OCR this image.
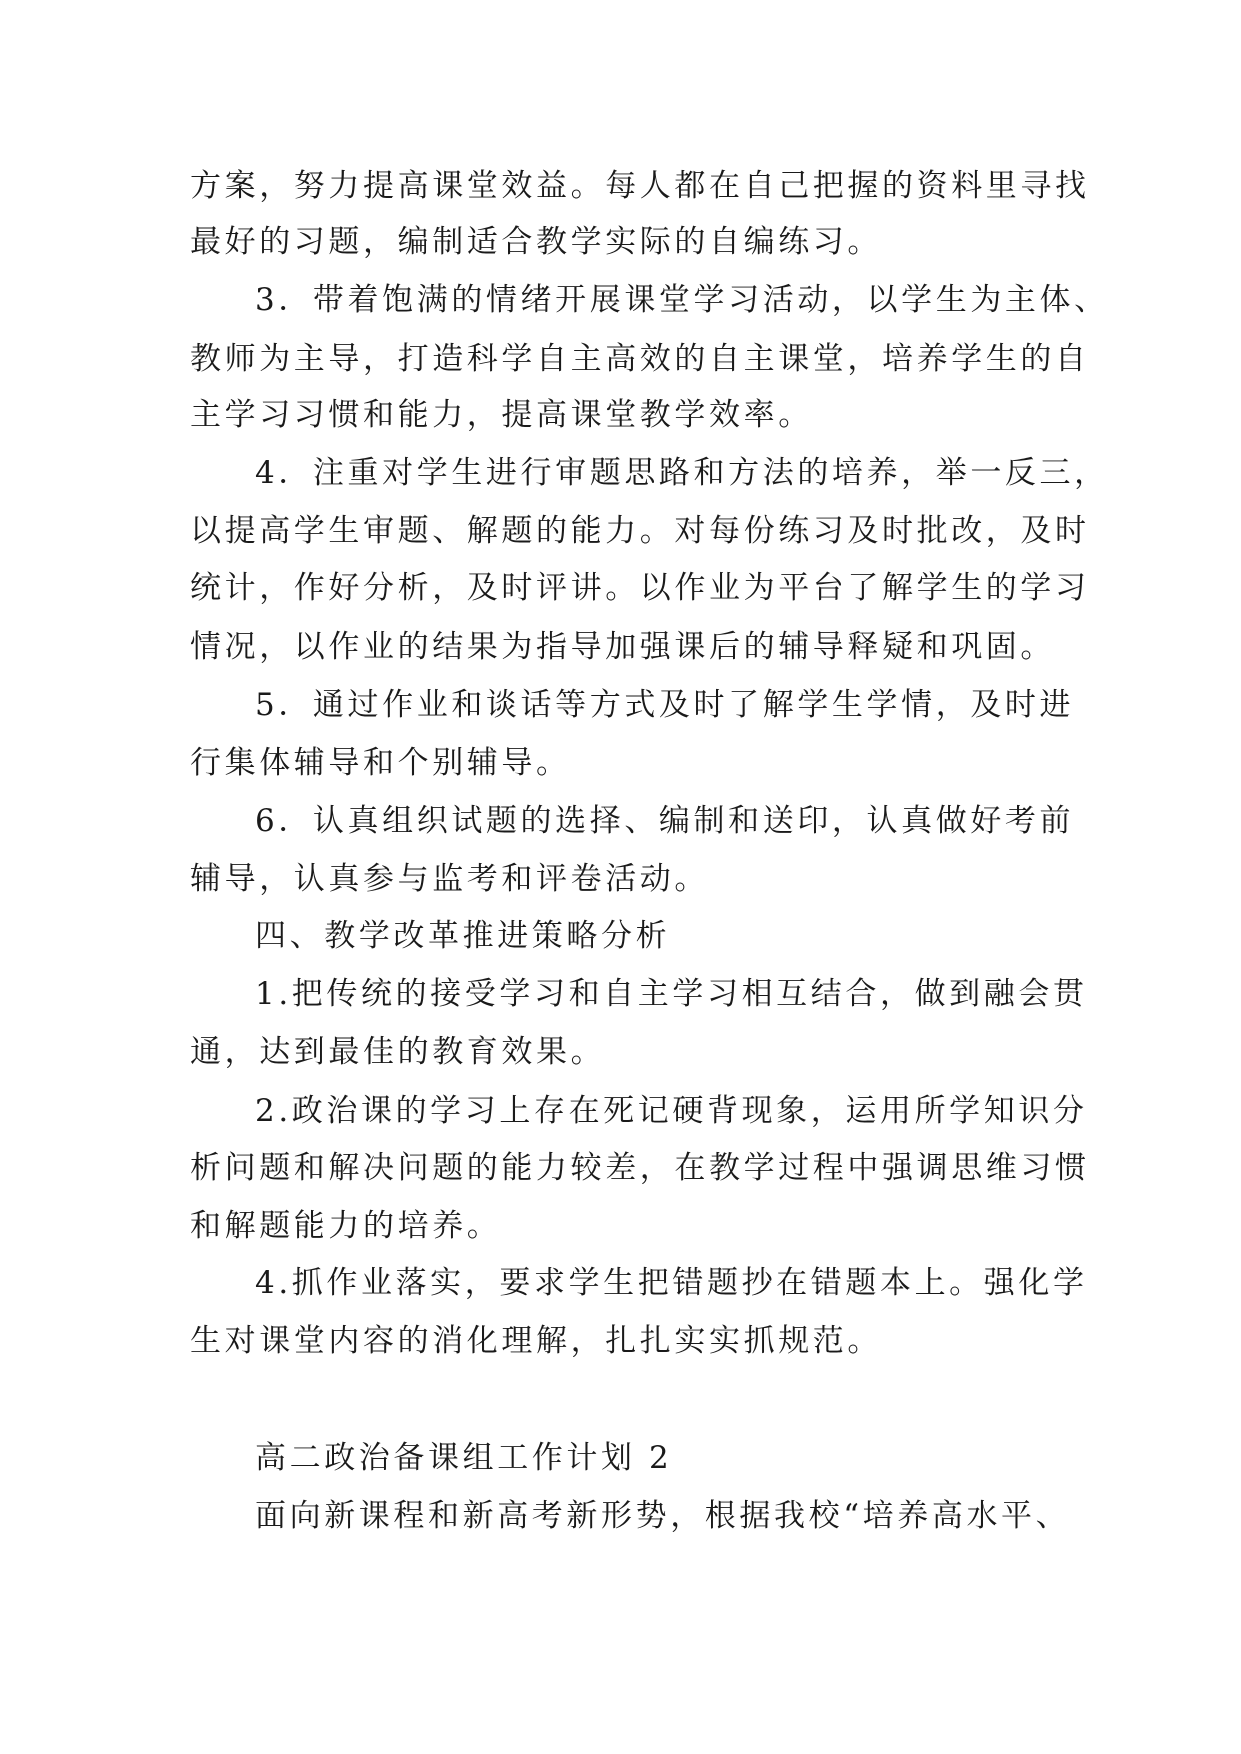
方案，努力提高课堂效益。每人都在自己把握的资料里寻找
最好的习题，编制适合教学实际的自编练习。
3．带着饱满的情绪开展课堂学习活动，以学生为主体、
教师为主导，打造科学自主高效的自主课堂，培养学生的自
主学习习惯和能力，提高课堂教学效率。
4．注重对学生进行审题思路和方法的培养，举一反三，
以提高学生审题、解题的能力。对每份练习及时批改，及时
统计，作好分析，及时评讲。以作业为平台了解学生的学习
情况，以作业的结果为指导加强课后的辅导释疑和巩固。
5．通过作业和谈话等方式及时了解学生学情，及时进
行集体辅导和个别辅导。
6．认真组织试题的选择、编制和送印，认真做好考前
辅导，认真参与监考和评卷活动。
四、教学改革推进策略分析
1.把传统的接受学习和自主学习相互结合，做到融会贯
通，达到最佳的教育效果。
2.政治课的学习上存在死记硬背现象，运用所学知识分
析问题和解决问题的能力较差，在教学过程中强调思维习惯
和解题能力的培养。
4.抓作业落实，要求学生把错题抄在错题本上。强化学
生对课堂内容的消化理解，扎扎实实抓规范。
高二政治备课组工作计划 2
面向新课程和新高考新形势，根据我校“培养高水平、
